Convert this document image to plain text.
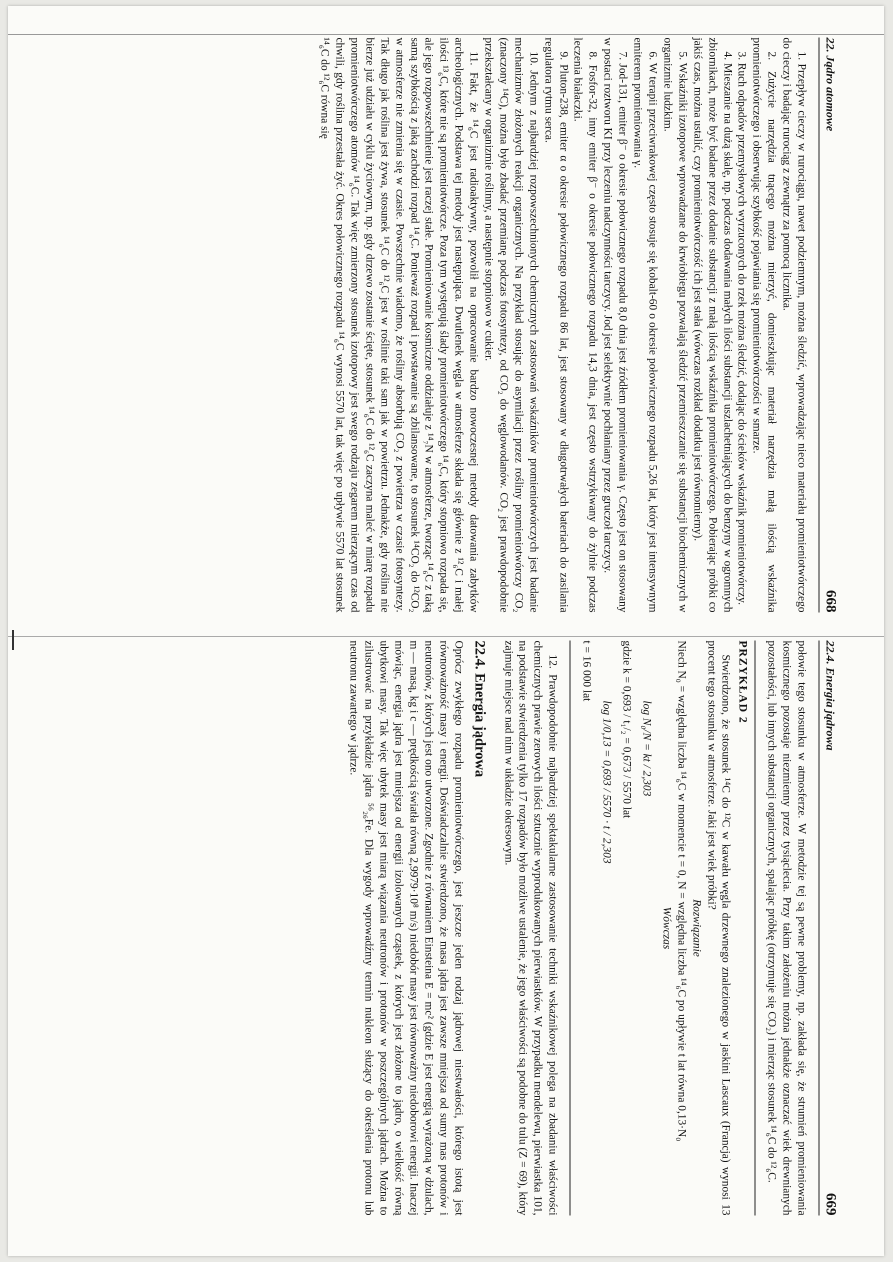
22. Jądro atomowe
668

1. Przepływ cieczy w rurociągu, nawet podziemnym, można śledzić, wprowadzając nieco materiału promieniotwórczego do cieczy i badając rurociąg z zewnątrz za pomocą licznika.

2. Zużycie narzędzia tnącego można mierzyć, domieszkując materiał narzędzia małą ilością wskaźnika promieniotwórczego i obserwując szybkość pojawiania się promieniotwórczości w smarze.

3. Ruch odpadów przemysłowych wyrzuconych do rzek można śledzić, dodając do ścieków wskaźnik promieniotwórczy.

4. Mieszanie na dużą skalę, np. podczas dodawania małych ilości substancji uszlachetniających do benzyny w ogromnych zbiornikach, może być badane przez dodanie substancji z małą ilością wskaźnika promieniotwórczego. Pobierając próbki co jakiś czas, można ustalić, czy promieniotwórczość ich jest stała (wówczas rozkład dodatku jest równomierny).

5. Wskaźniki izotopowe wprowadzane do krwiobiegu pozwalają śledzić przemieszczanie się substancji biochemicznych w organizmie ludzkim.

6. W terapii przeciwrakowej często stosuje się kobalt-60 o okresie połowicznego rozpadu 5,26 lat, który jest intensywnym emiterem promieniowania γ.

7. Jod-131, emiter β⁻ o okresie połowicznego rozpadu 8,0 dnia jest źródłem promieniowania γ. Często jest on stosowany w postaci roztworu KI przy leczeniu nadczynności tarczycy. Jod jest selektywnie pochłaniany przez gruczoł tarczycy.

8. Fosfor-32, inny emiter β⁻ o okresie połowicznego rozpadu 14,3 dnia, jest często wstrzykiwany do żylnie podczas leczenia białaczki.

9. Pluton-238, emiter α o okresie połowicznego rozpadu 86 lat, jest stosowany w długotrwałych bateriach do zasilania regulatora rytmu serca.

10. Jednym z najbardziej rozpowszechnionych chemicznych zastosowań wskaźników promieniotwórczych jest badanie mechanizmów złożonych reakcji organicznych. Na przykład stosując do asymilacji przez rośliny promieniotwórczy CO₂ (znaczony ¹⁴C), można było zbadać przemianę podczas fotosyntezy, od CO₂ do węglowodanów. CO₂ jest prawdopodobnie przekształcany w organizmie roślinny, a następnie stopniowo w cukier.

11. Fakt, że ¹⁴₆C jest radioaktywny, pozwolił na opracowanie bardzo nowoczesnej metody datowania zabytków archeologicznych. Podstawa tej metody jest następująca. Dwutlenek węgla w atmosferze składa się głównie z ¹²₆C i małej ilości ¹³₆C, które nie są promieniotwórcze. Poza tym występują ślady promieniotwórczego ¹⁴₆C, który stopniowo rozpada się, ale jego rozpowszechnienie jest raczej stałe. Promieniowanie kosmiczne oddziałuje z ¹⁴₇N w atmosferze, tworząc ¹⁴₆C z taką samą szybkością z jaką zachodzi rozpad ¹⁴₆C. Ponieważ rozpad i powstawanie są zbilansowane, to stosunek ¹⁴CO₂ do ¹²CO₂ w atmosferze nie zmienia się w czasie. Powszechnie wiadomo, że rośliny absorbują CO₂ z powietrza w czasie fotosyntezy. Tak długo jak roślina jest żywa, stosunek ¹⁴₆C do ¹²₆C jest w roślinie taki sam jak w powietrzu. Jednakże, gdy roślina nie bierze już udziału w cyklu życiowym, np. gdy drzewo zostanie ścięte, stosunek ¹⁴₆C do ¹²₆C zaczyna maleć w miarę rozpadu promieniotwórczego atomów ¹⁴₆C. Tak więc zmierzony stosunek izotopowy jest swego rodzaju zegarem mierzącym czas od chwili, gdy roślina przestała żyć. Okres połowicznego rozpadu ¹⁴₆C wynosi 5570 lat, tak więc po upływie 5570 lat stosunek ¹⁴₆C do ¹²₆C równa się

22.4. Energia jądrowa
669

połowie tego stosunku w atmosferze. W metodzie tej są pewne problemy, np. zakłada się, że strumień promieniowania kosmicznego pozostaje niezmienny przez tysiąclecia. Przy takim założeniu można jednakże oznaczać wiek drewnianych pozostałości, lub innych substancji organicznych, spalając próbkę (otrzymuje się CO₂) i mierząc stosunek ¹⁴₆C do ¹²₆C.

PRZYKŁAD 2

Stwierdzono, że stosunek ¹⁴C do ¹²C w kawału węgla drzewnego znalezionego w jaskini Lascaux (Francja) wynosi 13 procent tego stosunku w atmosferze. Jaki jest wiek próbki?

Rozwiązanie

Niech N₀ = względna liczba ¹⁴₆C w momencie t = 0, N = względna liczba ¹⁴₆C po upływie t lat równa 0,13·N₀

Wówczas

log N₀/N = kt / 2,303

gdzie k = 0,693 / t₁/₂ = 0,673 / 5570 lat

log 1/0,13 = 0,693 / 5570 · t / 2,303

t = 16 000 lat

12. Prawdopodobnie najbardziej spektakularne zastosowanie techniki wskaźnikowej polega na zbadaniu właściwości chemicznych prawie zerowych ilości sztucznie wyprodukowanych pierwiastków. W przypadku mendelewu, pierwiastka 101, na podstawie stwierdzenia tylko 17 rozpadów było możliwe ustalenie, że jego właściwości są podobne do tulu (Z = 69), który zajmuje miejsce nad nim w układzie okresowym.

22.4. Energia jądrowa

Oprócz zwykłego rozpadu promieniotwórczego, jest jeszcze jeden rodzaj jądrowej niestwałości, którego istotą jest równoważność masy i energii. Doświadczalnie stwierdzono, że masa jądra jest zawsze mniejsza od sumy mas protonów i neutronów, z których jest ono utworzone. Zgodnie z równaniem Einsteina E = mc² (gdzie E jest energią wyrażoną w dżulach, m — masą, kg i c — prędkością światła równą 2,9979·10⁸ m/s) niedobór masy jest równoważny niedoborowi energii. Inaczej mówiąc, energia jądra jest mniejsza od energii izolowanych cząstek, z których jest złożone to jądro, o wielkość równą ubytkowi masy. Tak więc ubytek masy jest miarą wiązania neutronów i protonów w poszczególnych jądrach. Można to zilustrować na przykładzie jądra ⁵⁶₂₆Fe. Dla wygody wprowadźmy termin nukleon służący do określenia protonu lub neutronu zawartego w jądrze.
